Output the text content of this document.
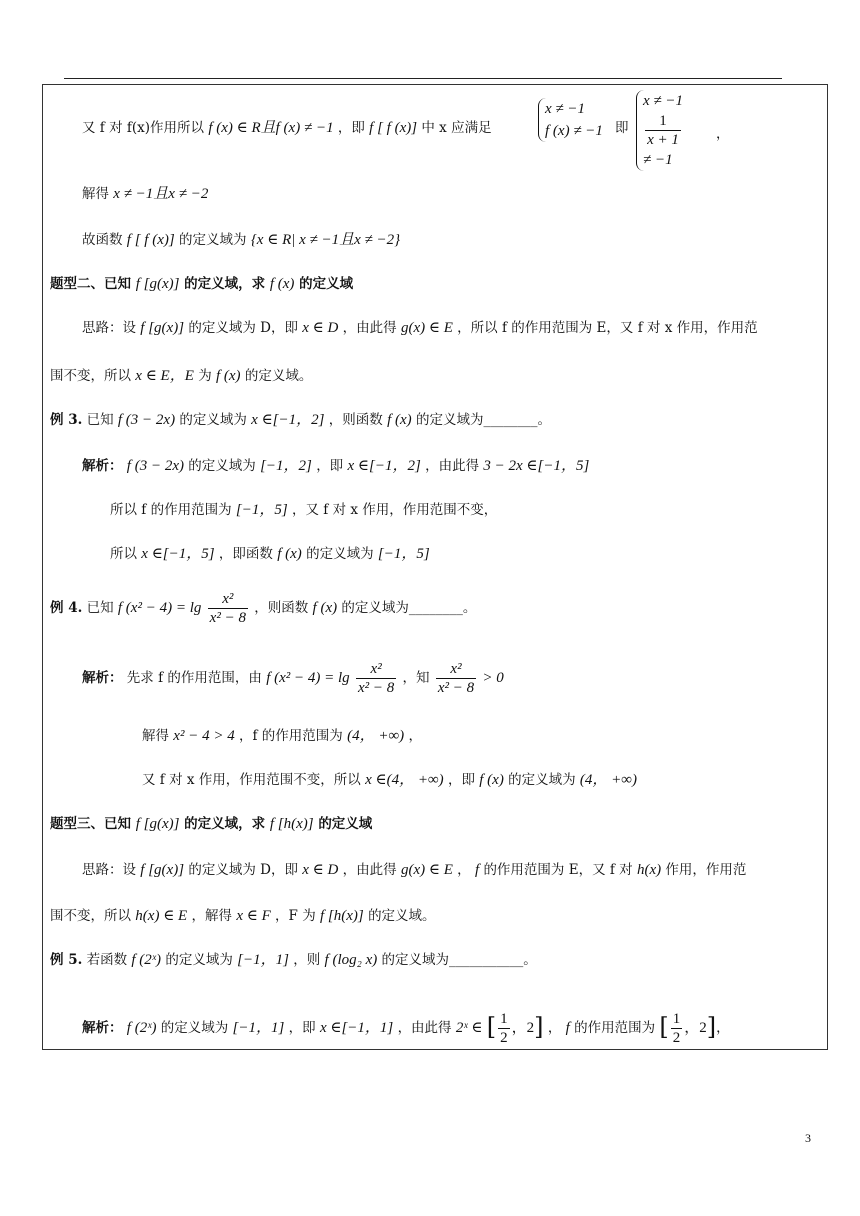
又 f 对 f(x)作用所以 f (x) ∈ R且f (x) ≠ −1 ，即 f [ f (x)] 中 x 应满足
x ≠ −1
f (x) ≠ −1 即
x ≠ −1
1
x + 1
≠ −1
，
解得 x ≠ −1且x ≠ −2
故函数 f [ f (x)] 的定义域为 {x ∈ R| x ≠ −1且x ≠ −2}
题型二、已知 f [g(x)] 的定义域，求 f (x) 的定义域
思路：设 f [g(x)] 的定义域为 D，即 x ∈ D ，由此得 g(x) ∈ E ，所以 f 的作用范围为 E，又 f 对 x 作用，作用范
围不变，所以 x ∈ E，E 为 f (x) 的定义域。
例 3. 已知 f (3 − 2x) 的定义域为 x ∈[−1，2] ，则函数 f (x) 的定义域为________。
解析： f (3 − 2x) 的定义域为 [−1，2] ，即 x ∈[−1，2] ，由此得 3 − 2x ∈[−1，5]
所以 f 的作用范围为 [−1，5] ，又 f 对 x 作用，作用范围不变，
所以 x ∈[−1，5] ，即函数 f (x) 的定义域为 [−1，5]
例 4. 已知 f $(x^2 - 4) = \lg \frac{\text{x²}}{\text{x² − 8}}$ ，则函数 f (x) 的定义域为________。
解析： 先求 f 的作用范围，由 f $(x^2 - 4) = \lg \frac{\text{x²}}{\text{x² − 8}}$ ，知 $\frac{\text{x²}}{\text{x² − 8}} > 0$
解得 x² − 4 > 4 ，f 的作用范围为 (4， +∞) ，
又 f 对 x 作用，作用范围不变，所以 x ∈(4， +∞) ，即 f (x) 的定义域为 (4， +∞)
题型三、已知 f [g(x)] 的定义域，求 f [h(x)] 的定义域
思路：设 f [g(x)] 的定义域为 D，即 x ∈ D ，由此得 g(x) ∈ E ， f 的作用范围为 E，又 f 对 h(x) 作用，作用范
围不变，所以 h(x) ∈ E ，解得 x ∈ F ，F 为 f [h(x)] 的定义域。
例 5. 若函数 f (2ˣ) 的定义域为 [−1，1] ，则 f (log₂ x) 的定义域为___________。
解析： f (2ˣ) 的定义域为 [−1，1] ，即 x ∈[−1，1] ，由此得 2ˣ ∈ [ $\frac{1}{2}$ ，2] ， f 的作用范围为 [ $\frac{1}{2}$ ，2]，
3
